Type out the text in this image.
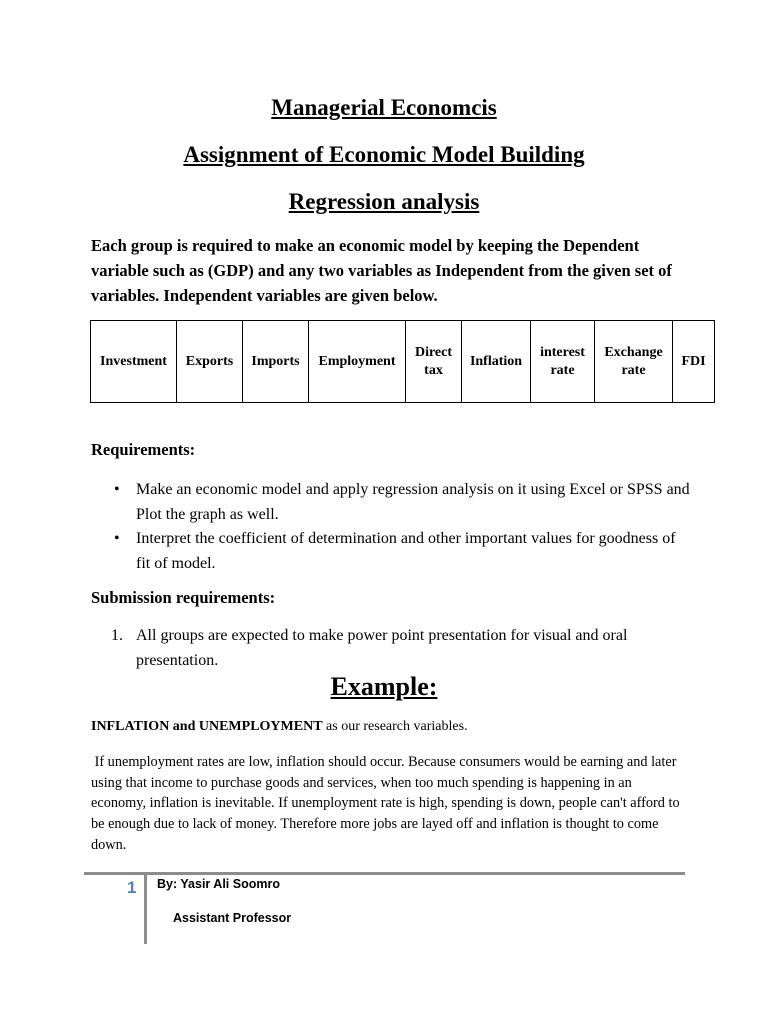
Managerial Economcis
Assignment of Economic Model Building
Regression analysis

Each group is required to make an economic model by keeping the Dependent variable such as (GDP) and any two variables as Independent from the given set of variables. Independent variables are given below.

Investment	Exports	Imports	Employment	Direct tax	Inflation	interest rate	Exchange rate	FDI

Requirements:

• Make an economic model and apply regression analysis on it using Excel or SPSS and Plot the graph as well.
• Interpret the coefficient of determination and other important values for goodness of fit of model.

Submission requirements:

1. All groups are expected to make power point presentation for visual and oral presentation.
Example:

INFLATION and UNEMPLOYMENT as our research variables.

If unemployment rates are low, inflation should occur. Because consumers would be earning and later using that income to purchase goods and services, when too much spending is happening in an economy, inflation is inevitable. If unemployment rate is high, spending is down, people can't afford to be enough due to lack of money. Therefore more jobs are layed off and inflation is thought to come down.

1 By: Yasir Ali Soomro
Assistant Professor
